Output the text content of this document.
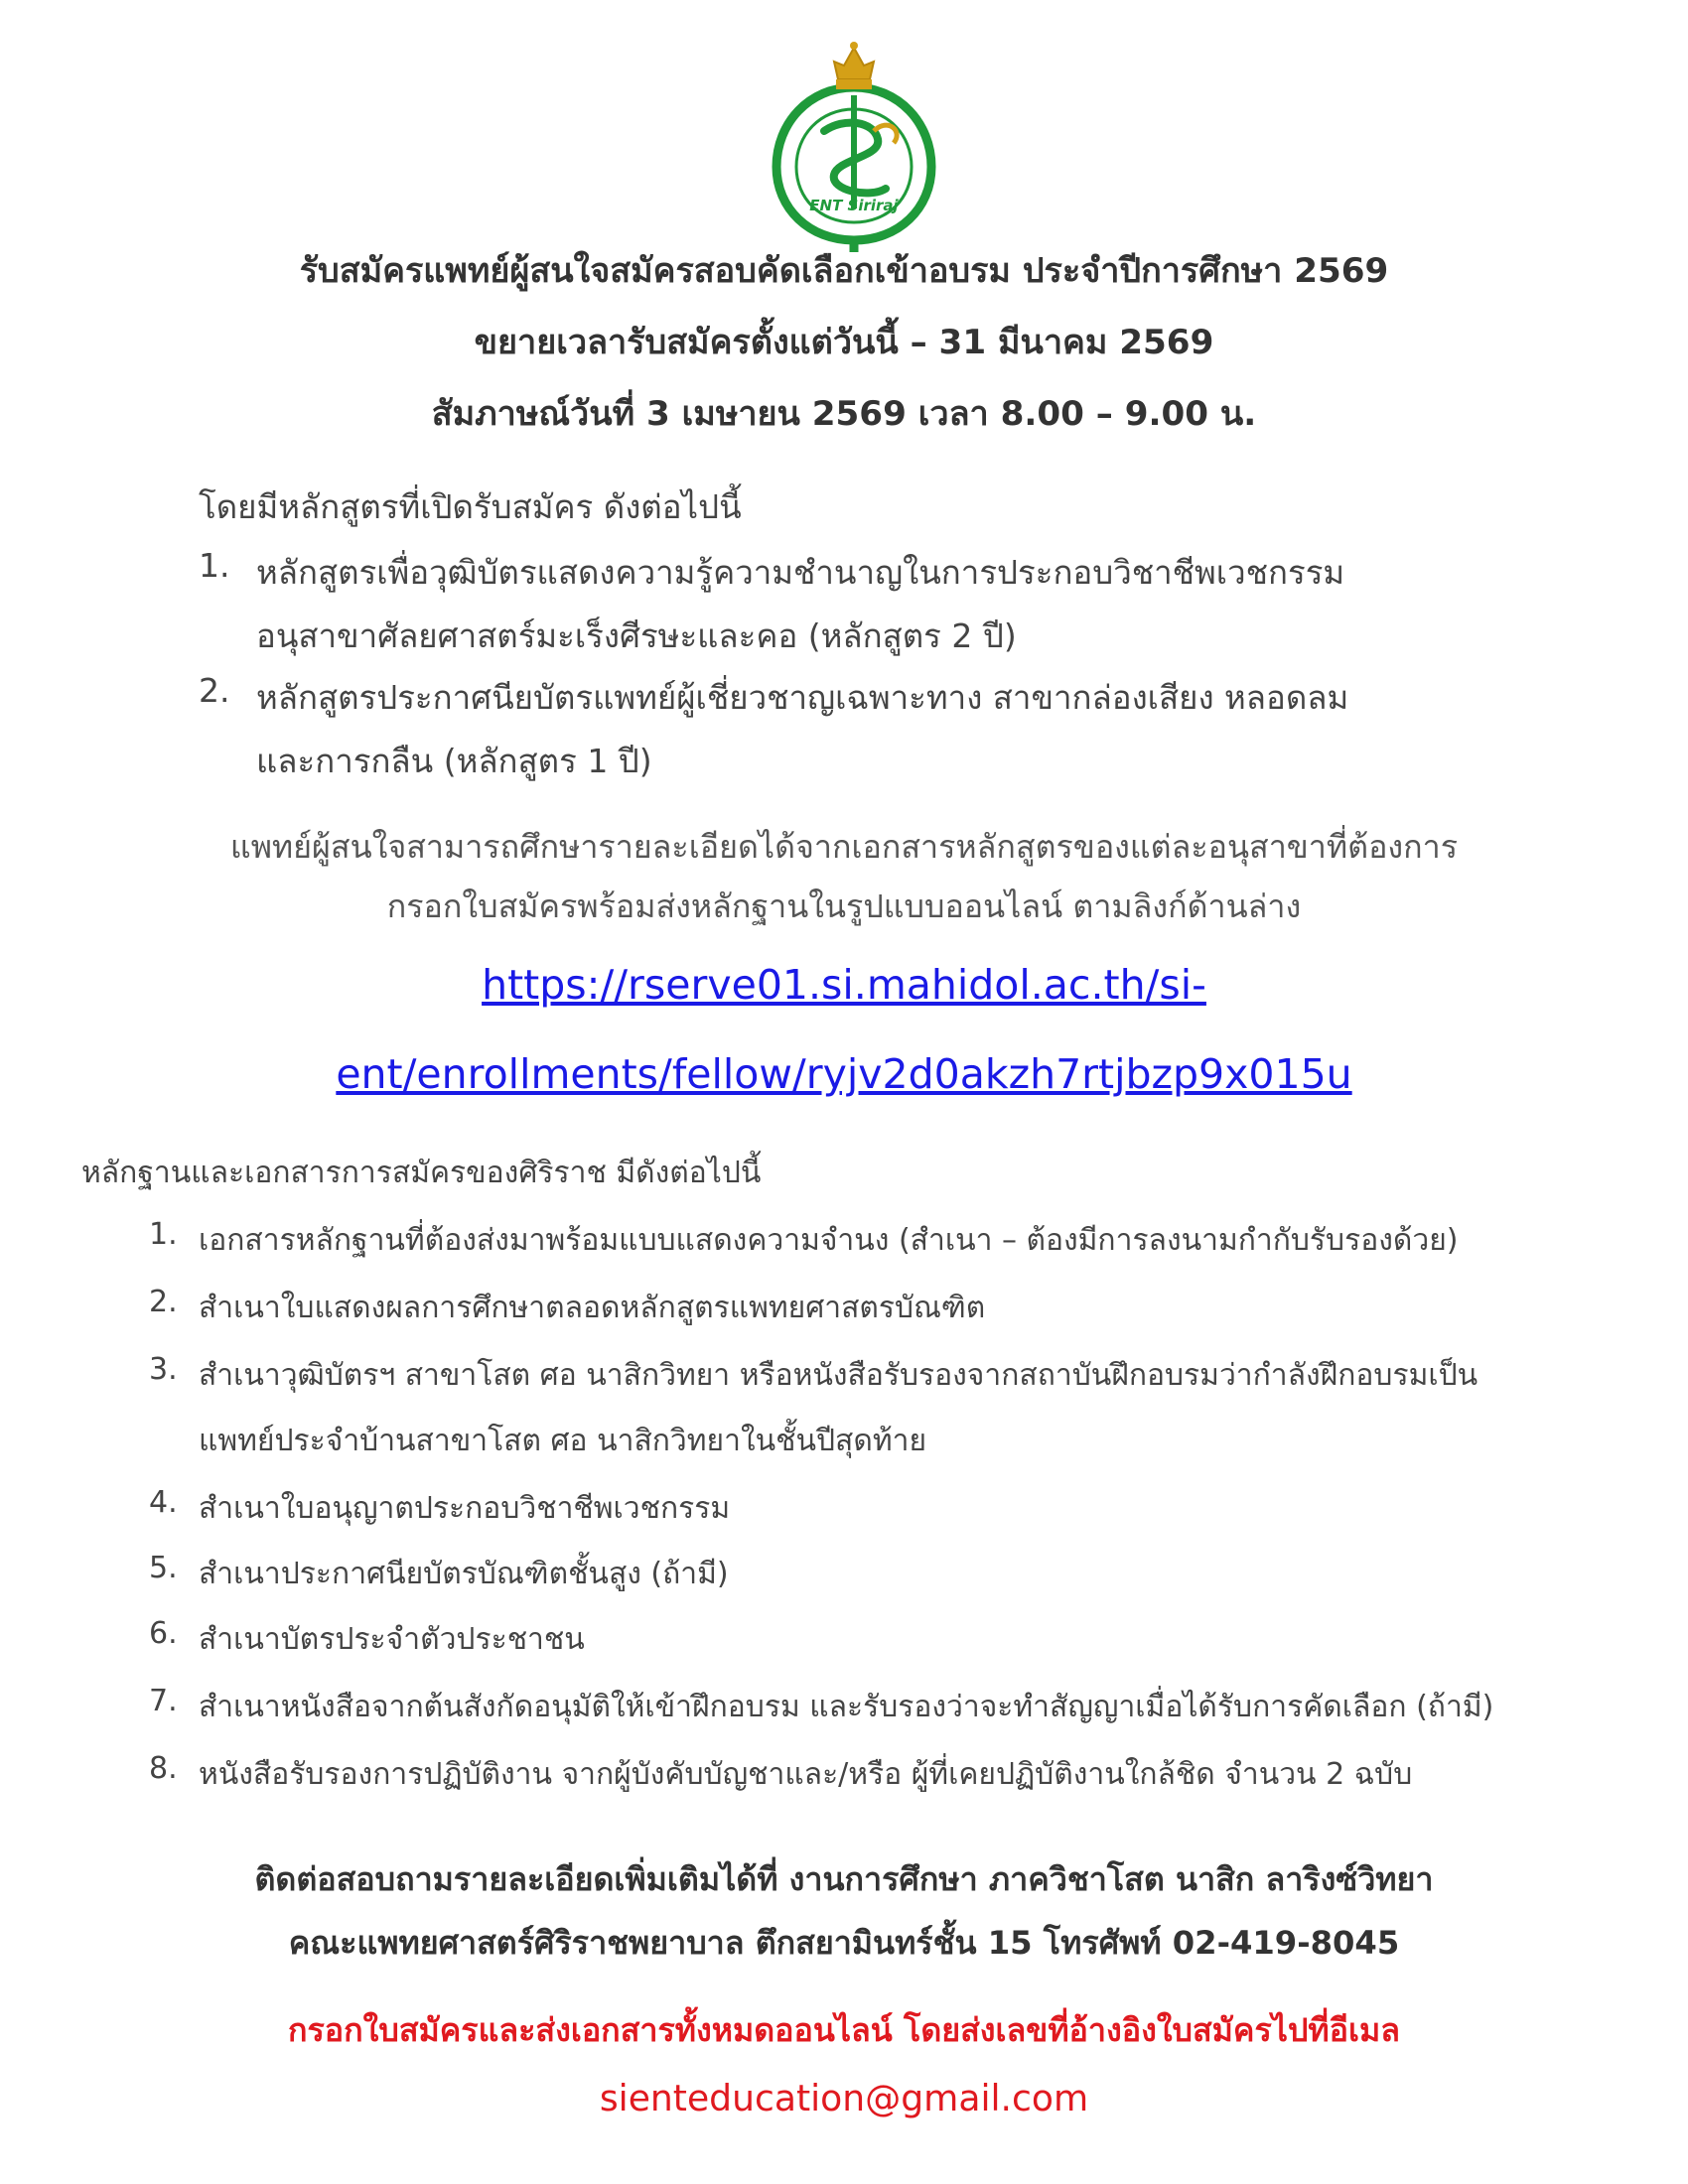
ENT Siriraj
รับสมัครแพทย์ผู้สนใจสมัครสอบคัดเลือกเข้าอบรม ประจำปีการศึกษา 2569
ขยายเวลารับสมัครตั้งแต่วันนี้ – 31 มีนาคม 2569
สัมภาษณ์วันที่ 3 เมษายน 2569 เวลา 8.00 – 9.00 น.
โดยมีหลักสูตรที่เปิดรับสมัคร ดังต่อไปนี้
1. หลักสูตรเพื่อวุฒิบัตรแสดงความรู้ความชำนาญในการประกอบวิชาชีพเวชกรรม
อนุสาขาศัลยศาสตร์มะเร็งศีรษะและคอ (หลักสูตร 2 ปี)
2. หลักสูตรประกาศนียบัตรแพทย์ผู้เชี่ยวชาญเฉพาะทาง สาขากล่องเสียง หลอดลม
และการกลืน (หลักสูตร 1 ปี)
แพทย์ผู้สนใจสามารถศึกษารายละเอียดได้จากเอกสารหลักสูตรของแต่ละอนุสาขาที่ต้องการ
กรอกใบสมัครพร้อมส่งหลักฐานในรูปแบบออนไลน์ ตามลิงก์ด้านล่าง
https://rserve01.si.mahidol.ac.th/si-
ent/enrollments/fellow/ryjv2d0akzh7rtjbzp9x015u
หลักฐานและเอกสารการสมัครของศิริราช มีดังต่อไปนี้
1. เอกสารหลักฐานที่ต้องส่งมาพร้อมแบบแสดงความจำนง (สำเนา – ต้องมีการลงนามกำกับรับรองด้วย)
2. สำเนาใบแสดงผลการศึกษาตลอดหลักสูตรแพทยศาสตรบัณฑิต
3. สำเนาวุฒิบัตรฯ สาขาโสต ศอ นาสิกวิทยา หรือหนังสือรับรองจากสถาบันฝึกอบรมว่ากำลังฝึกอบรมเป็น
แพทย์ประจำบ้านสาขาโสต ศอ นาสิกวิทยาในชั้นปีสุดท้าย
4. สำเนาใบอนุญาตประกอบวิชาชีพเวชกรรม
5. สำเนาประกาศนียบัตรบัณฑิตชั้นสูง (ถ้ามี)
6. สำเนาบัตรประจำตัวประชาชน
7. สำเนาหนังสือจากต้นสังกัดอนุมัติให้เข้าฝึกอบรม และรับรองว่าจะทำสัญญาเมื่อได้รับการคัดเลือก (ถ้ามี)
8. หนังสือรับรองการปฏิบัติงาน จากผู้บังคับบัญชาและ/หรือ ผู้ที่เคยปฏิบัติงานใกล้ชิด จำนวน 2 ฉบับ
ติดต่อสอบถามรายละเอียดเพิ่มเติมได้ที่ งานการศึกษา ภาควิชาโสต นาสิก ลาริงซ์วิทยา
คณะแพทยศาสตร์ศิริราชพยาบาล ตึกสยามินทร์ชั้น 15 โทรศัพท์ 02-419-8045
กรอกใบสมัครและส่งเอกสารทั้งหมดออนไลน์ โดยส่งเลขที่อ้างอิงใบสมัครไปที่อีเมล
sienteducation@gmail.com
